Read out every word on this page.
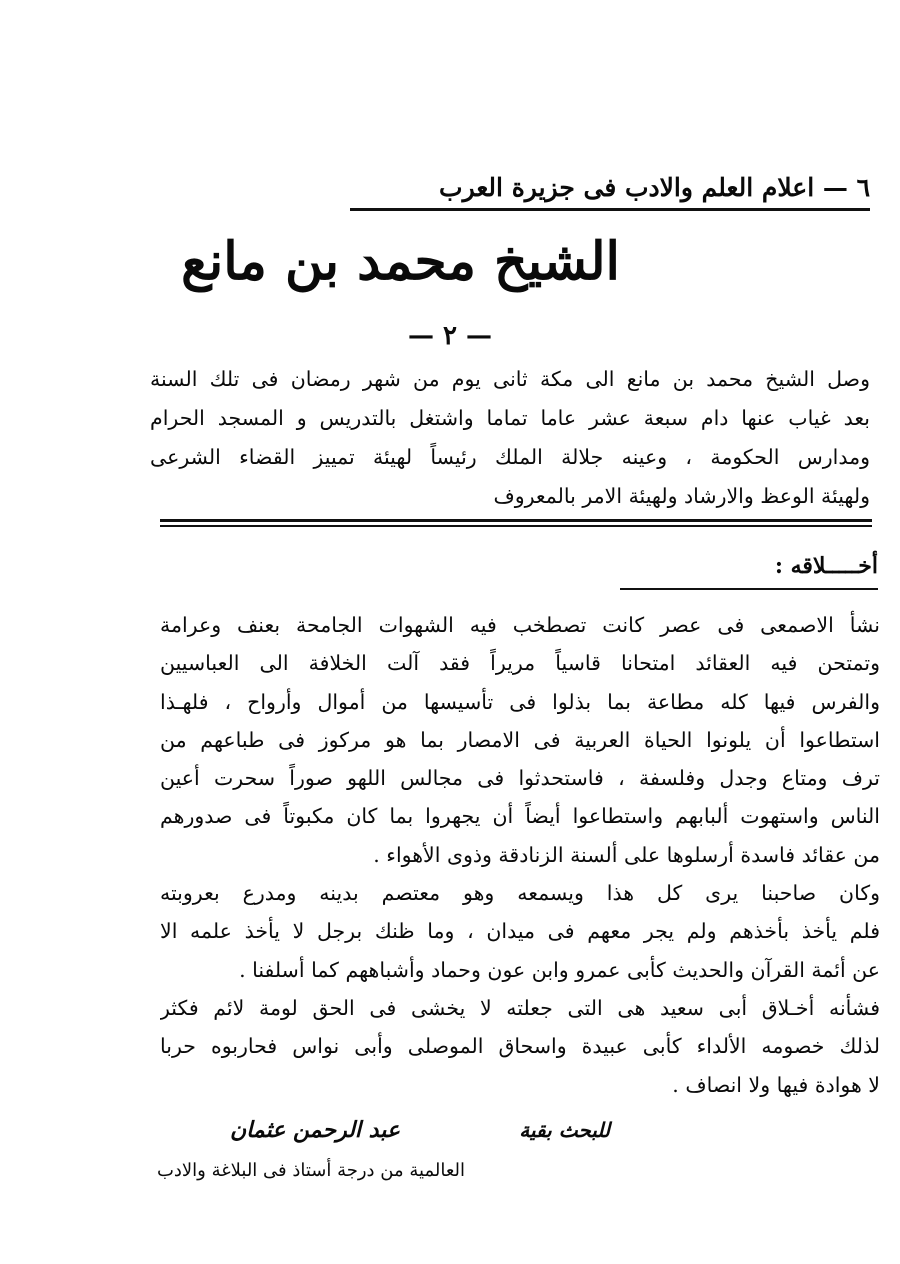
٦ — اعلام العلم والادب فى جزيرة العرب
الشيخ محمد بن مانع
— ٢ —
وصل الشيخ محمد بن مانع الى مكة ثانى يوم من شهر رمضان فى تلك السنة
بعد غياب عنها دام سبعة عشر عاما تماما واشتغل بالتدريس و المسجد الحرام
ومدارس الحكومة ، وعينه جلالة الملك رئيساً لهيئة تمييز القضاء الشرعى
ولهيئة الوعظ والارشاد ولهيئة الامر بالمعروف
أخـــــلاقه :
نشأ الاصمعى فى عصر كانت تصطخب فيه الشهوات الجامحة بعنف وعرامة
وتمتحن فيه العقائد امتحانا قاسياً مريراً فقد آلت الخلافة الى العباسيين
والفرس فيها كله مطاعة بما بذلوا فى تأسيسها من أموال وأرواح ، فلهـذا
استطاعوا أن يلونوا الحياة العربية فى الامصار بما هو مركوز فى طباعهم من
ترف ومتاع وجدل وفلسفة ، فاستحدثوا فى مجالس اللهو صوراً سحرت أعين
الناس واستهوت ألبابهم واستطاعوا أيضاً أن يجهروا بما كان مكبوتاً فى صدورهم
من عقائد فاسدة أرسلوها على ألسنة الزنادقة وذوى الأهواء .
وكان صاحبنا يرى كل هذا ويسمعه وهو معتصم بدينه ومدرع بعروبته
فلم يأخذ بأخذهم ولم يجر معهم فى ميدان ، وما ظنك برجل لا يأخذ علمه الا
عن أئمة القرآن والحديث كأبى عمرو وابن عون وحماد وأشباههم كما أسلفنا .
فشأنه أخـلاق أبى سعيد هى التى جعلته لا يخشى فى الحق لومة لائم فكثر
لذلك خصومه الألداء كأبى عبيدة واسحاق الموصلى وأبى نواس فحاربوه حربا
لا هوادة فيها ولا انصاف .
للبحث بقية
عبد الرحمن عثمان
العالمية من درجة أستاذ فى البلاغة والادب
